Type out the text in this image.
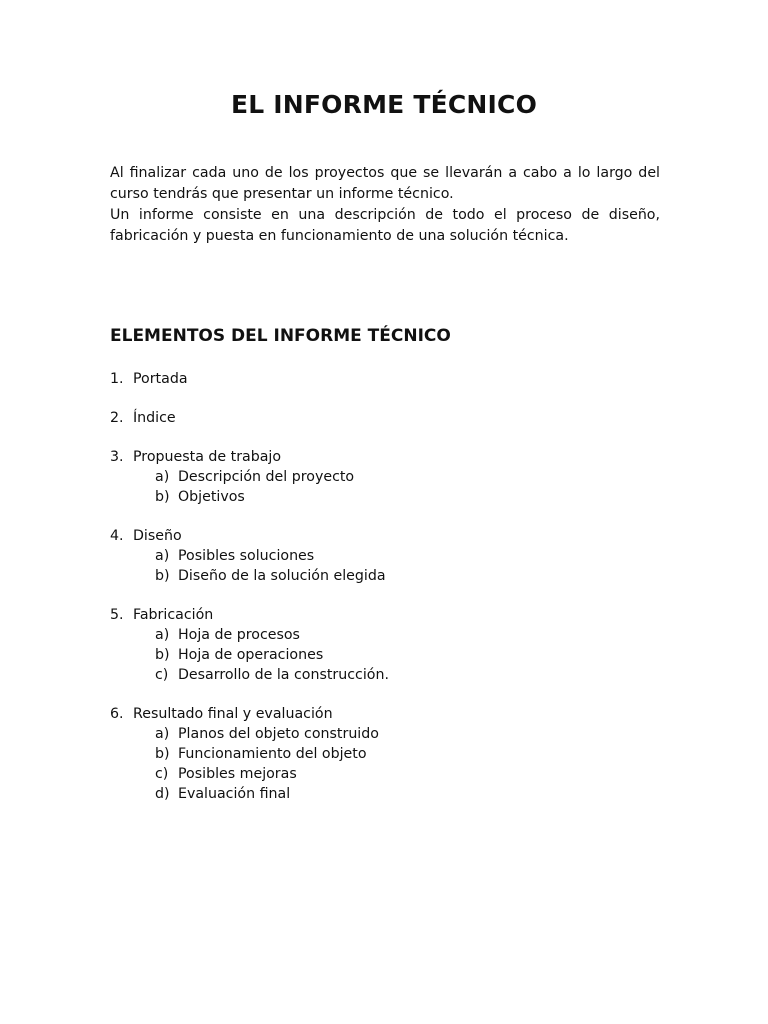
EL INFORME TÉCNICO

Al finalizar cada uno de los proyectos que se llevarán a cabo a lo largo del curso tendrás que presentar un informe técnico.

Un informe consiste en una descripción de todo el proceso de diseño, fabricación y puesta en funcionamiento de una solución técnica.

ELEMENTOS DEL INFORME TÉCNICO
1. Portada
2. Índice
3. Propuesta de trabajo
a) Descripción del proyecto
b) Objetivos
4. Diseño
a) Posibles soluciones
b) Diseño de la solución elegida
5. Fabricación
a) Hoja de procesos
b) Hoja de operaciones
c) Desarrollo de la construcción.
6. Resultado final y evaluación
a) Planos del objeto construido
b) Funcionamiento del objeto
c) Posibles mejoras
d) Evaluación final
